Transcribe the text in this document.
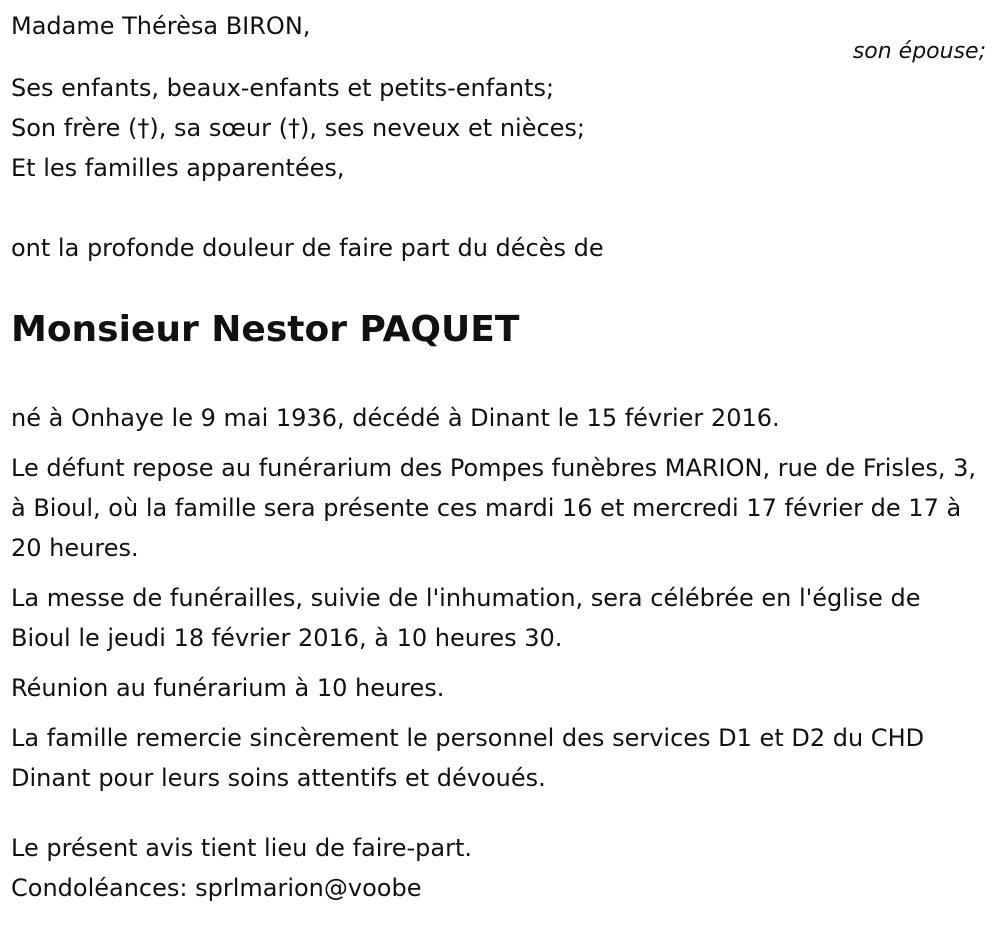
Madame Thérèsa BIRON,

son épouse;

Ses enfants, beaux-enfants et petits-enfants;

Son frère (†), sa sœur (†), ses neveux et nièces;

Et les familles apparentées,

ont la profonde douleur de faire part du décès de

Monsieur Nestor PAQUET

né à Onhaye le 9 mai 1936, décédé à Dinant le 15 février 2016.

Le défunt repose au funérarium des Pompes funèbres MARION, rue de Frisles, 3, à Bioul, où la famille sera présente ces mardi 16 et mercredi 17 février de 17 à 20 heures.

La messe de funérailles, suivie de l'inhumation, sera célébrée en l'église de Bioul le jeudi 18 février 2016, à 10 heures 30.

Réunion au funérarium à 10 heures.

La famille remercie sincèrement le personnel des services D1 et D2 du CHD Dinant pour leurs soins attentifs et dévoués.

Le présent avis tient lieu de faire-part.

Condoléances: sprlmarion@voobe
